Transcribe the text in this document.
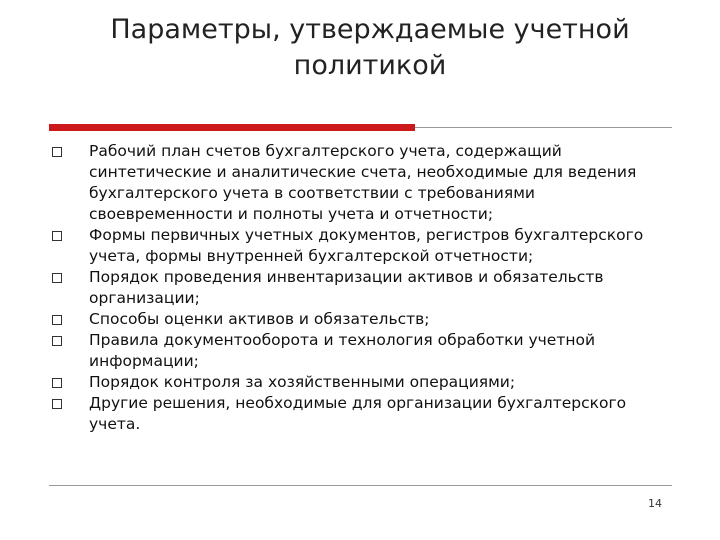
Параметры, утверждаемые учетной политикой
Рабочий план счетов бухгалтерского учета, содержащий синтетические и аналитические счета, необходимые для ведения бухгалтерского учета в соответствии с требованиями своевременности и полноты учета и отчетности;
Формы первичных учетных документов, регистров бухгалтерского учета, формы внутренней бухгалтерской отчетности;
Порядок проведения инвентаризации активов и обязательств организации;
Способы оценки активов и обязательств;
Правила документооборота и технология обработки учетной информации;
Порядок контроля за хозяйственными операциями;
Другие решения, необходимые для организации бухгалтерского учета.
14
